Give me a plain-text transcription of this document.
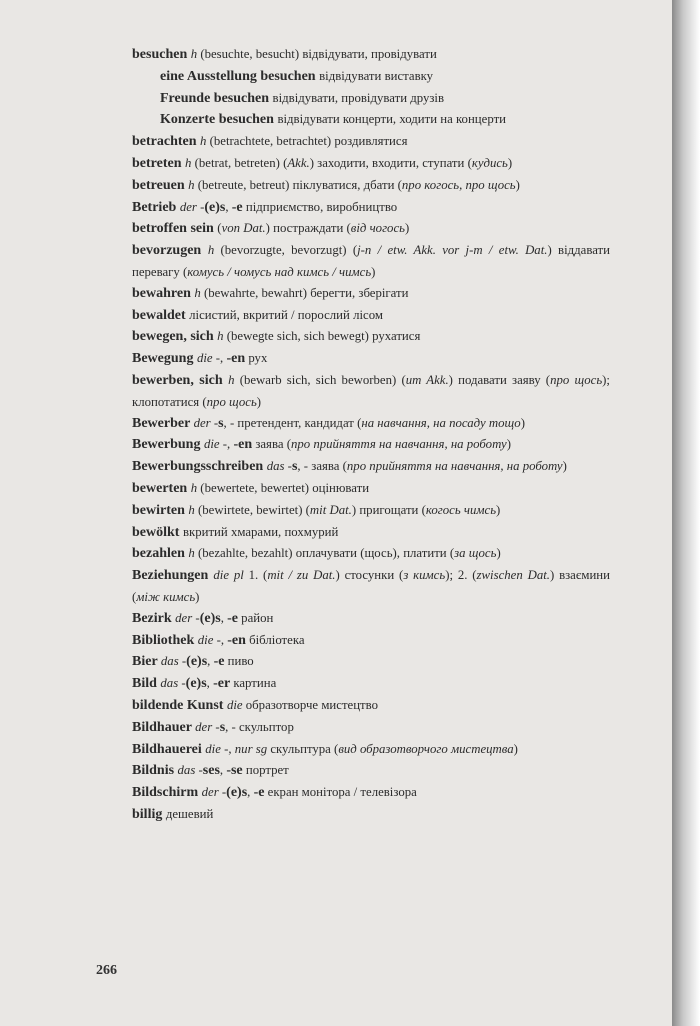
besuchen h (besuchte, besucht) відвідувати, провідувати

eine Ausstellung besuchen відвідувати виставку

Freunde besuchen відвідувати, провідувати друзів

Konzerte besuchen відвідувати концерти, ходити на концерти

betrachten h (betrachtete, betrachtet) роздивлятися

betreten h (betrat, betreten) (Akk.) заходити, входити, ступати (кудись)

betreuen h (betreute, betreut) піклуватися, дбати (про когось, про щось)

Betrieb der -(e)s, -e підприємство, виробництво

betroffen sein (von Dat.) постраждати (від чогось)

bevorzugen h (bevorzugte, bevorzugt) (j-n / etw. Akk. vor j-m / etw. Dat.) віддавати перевагу (комусь / чомусь над кимсь / чимсь)

bewahren h (bewahrte, bewahrt) берегти, зберігати

bewaldet лісистий, вкритий / порослий лісом

bewegen, sich h (bewegte sich, sich bewegt) рухатися

Bewegung die -, -en рух

bewerben, sich h (bewarb sich, sich beworben) (um Akk.) подавати заяву (про щось); клопотатися (про щось)

Bewerber der -s, - претендент, кандидат (на навчання, на посаду тощо)

Bewerbung die -, -en заява (про прийняття на навчання, на роботу)

Bewerbungsschreiben das -s, - заява (про прийняття на навчання, на роботу)

bewerten h (bewertete, bewertet) оцінювати

bewirten h (bewirtete, bewirtet) (mit Dat.) пригощати (когось чимсь)

bewölkt вкритий хмарами, похмурий

bezahlen h (bezahlte, bezahlt) оплачувати (щось), платити (за щось)

Beziehungen die pl 1. (mit / zu Dat.) стосунки (з кимсь); 2. (zwischen Dat.) взаємини (між кимсь)

Bezirk der -(e)s, -e район

Bibliothek die -, -en бібліотека

Bier das -(e)s, -e пиво

Bild das -(e)s, -er картина

bildende Kunst die образотворче мистецтво

Bildhauer der -s, - скульптор

Bildhauerei die -, nur sg скульптура (вид образотворчого мистецтва)

Bildnis das -ses, -se портрет

Bildschirm der -(e)s, -e екран монітора / телевізора

billig дешевий

266
